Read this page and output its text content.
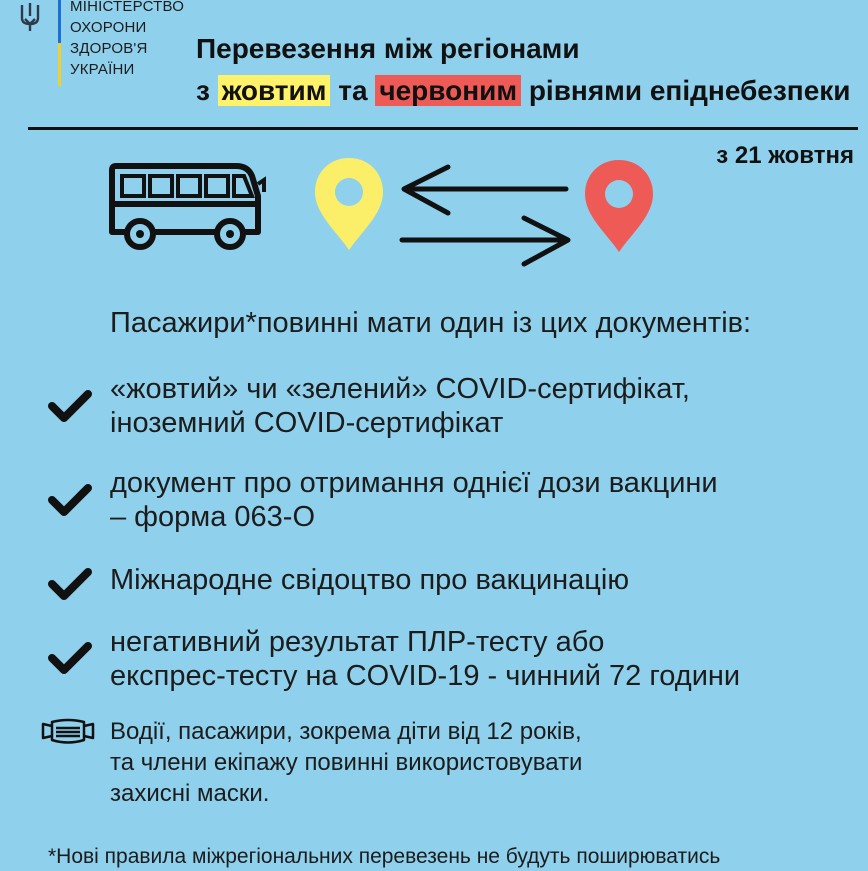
МІНІСТЕРСТВО
ОХОРОНИ
ЗДОРОВ'Я
УКРАЇНИ
Перевезення між регіонами
з жовтим та червоним рівнями епіднебезпеки
з 21 жовтня
Пасажири*повинні мати один із цих документів:
«жовтий» чи «зелений» COVID-сертифікат,
іноземний COVID-сертифікат
документ про отримання однієї дози вакцини
– форма 063-О
Міжнародне свідоцтво про вакцинацію
негативний результат ПЛР-тесту або
експрес-тесту на COVID-19 - чинний 72 години
Водії, пасажири, зокрема діти від 12 років,
та члени екіпажу повинні використовувати
захисні маски.
*Нові правила міжрегіональних перевезень не будуть поширюватись
